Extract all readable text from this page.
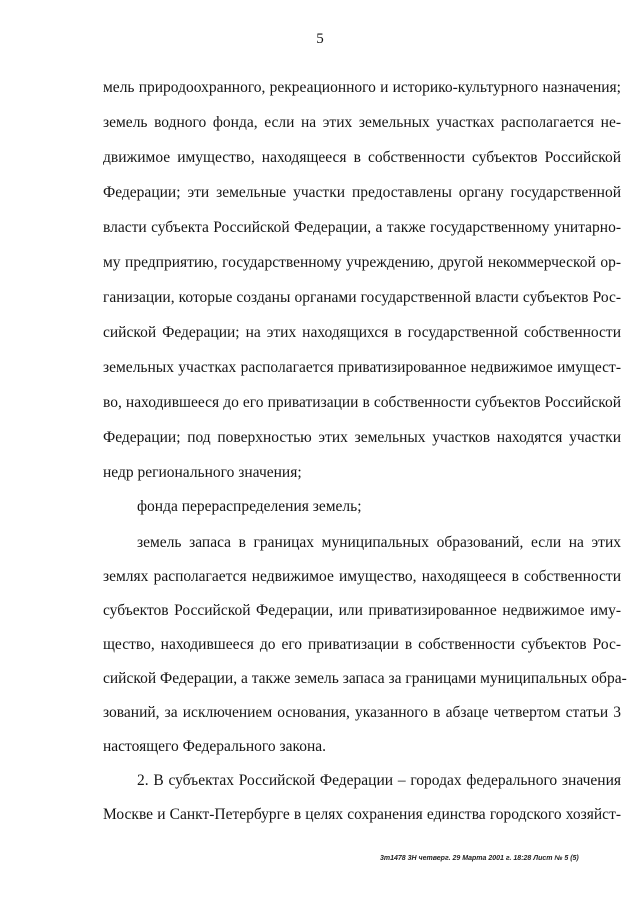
5
мель природоохранного, рекреационного и историко-культурного назначения;
земель водного фонда, если на этих земельных участках располагается не-
движимое имущество, находящееся в собственности субъектов Российской
Федерации; эти земельные участки предоставлены органу государственной
власти субъекта Российской Федерации, а также государственному унитарно-
му предприятию, государственному учреждению, другой некоммерческой ор-
ганизации, которые созданы органами государственной власти субъектов Рос-
сийской Федерации; на этих находящихся в государственной собственности
земельных участках располагается приватизированное недвижимое имущест-
во, находившееся до его приватизации в собственности субъектов Российской
Федерации; под поверхностью этих земельных участков находятся участки
недр регионального значения;
фонда перераспределения земель;
земель запаса в границах муниципальных образований, если на этих
землях располагается недвижимое имущество, находящееся в собственности
субъектов Российской Федерации, или приватизированное недвижимое иму-
щество, находившееся до его приватизации в собственности субъектов Рос-
сийской Федерации, а также земель запаса за границами муниципальных обра-
зований, за исключением основания, указанного в абзаце четвертом статьи 3
настоящего Федерального закона.
2. В субъектах Российской Федерации – городах федерального значения
Москве и Санкт-Петербурге в целях сохранения единства городского хозяйст-
3m1478 3Н четверг. 29 Марта 2001 г. 18:28 Лист № 5 (5)
